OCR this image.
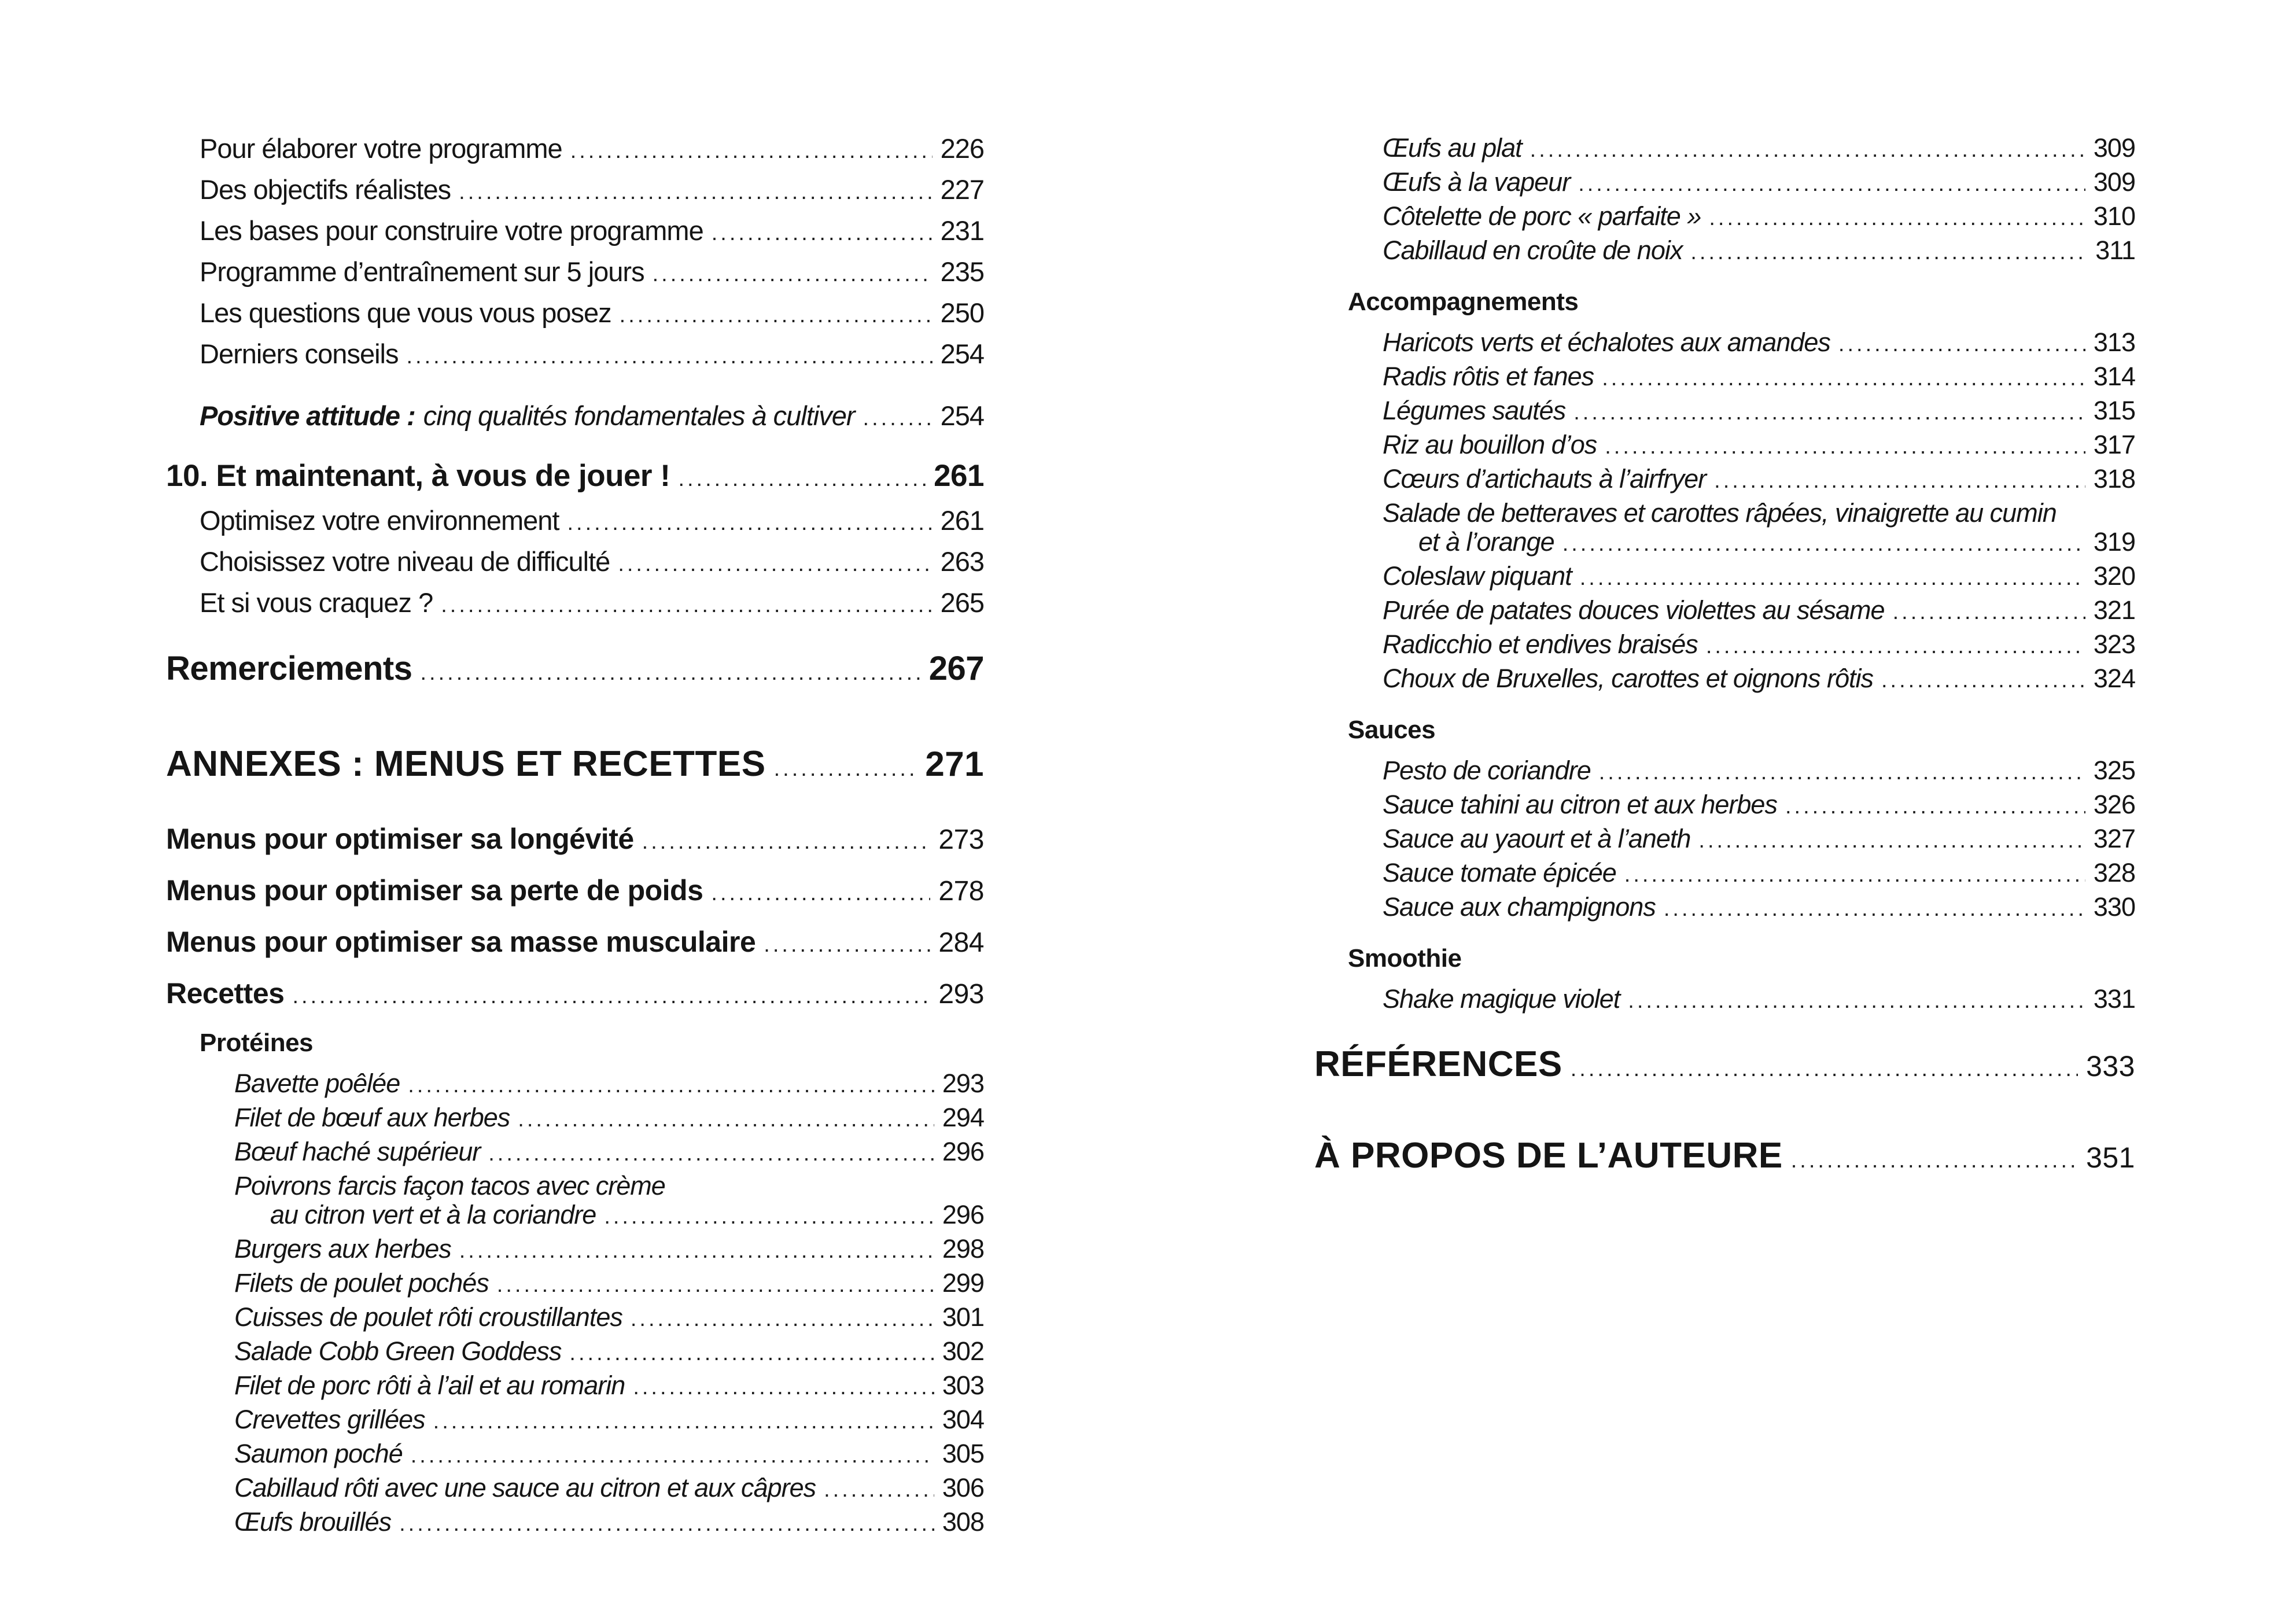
Pour élaborer votre programme .....	226
Des objectifs réalistes .....	227
Les bases pour construire votre programme .....	231
Programme d’entraînement sur 5 jours .....	235
Les questions que vous vous posez .....	250
Derniers conseils .....	254
Positive attitude : cinq qualités fondamentales à cultiver .....	254
10. Et maintenant, à vous de jouer ! .....	261
Optimisez votre environnement .....	261
Choisissez votre niveau de difficulté .....	263
Et si vous craquez ? .....	265
Remerciements .....	267
ANNEXES : MENUS ET RECETTES .....	271
Menus pour optimiser sa longévité .....	273
Menus pour optimiser sa perte de poids .....	278
Menus pour optimiser sa masse musculaire .....	284
Recettes .....	293
Protéines
Bavette poêlée .....	293
Filet de bœuf aux herbes .....	294
Bœuf haché supérieur .....	296
Poivrons farcis façon tacos avec crème
au citron vert et à la coriandre .....	296
Burgers aux herbes .....	298
Filets de poulet pochés .....	299
Cuisses de poulet rôti croustillantes .....	301
Salade Cobb Green Goddess .....	302
Filet de porc rôti à l’ail et au romarin .....	303
Crevettes grillées .....	304
Saumon poché .....	305
Cabillaud rôti avec une sauce au citron et aux câpres .....	306
Œufs brouillés .....	308
Œufs au plat .....	309
Œufs à la vapeur .....	309
Côtelette de porc « parfaite » .....	310
Cabillaud en croûte de noix .....	311
Accompagnements
Haricots verts et échalotes aux amandes .....	313
Radis rôtis et fanes .....	314
Légumes sautés .....	315
Riz au bouillon d’os .....	317
Cœurs d’artichauts à l’airfryer .....	318
Salade de betteraves et carottes râpées, vinaigrette au cumin
et à l’orange .....	319
Coleslaw piquant .....	320
Purée de patates douces violettes au sésame .....	321
Radicchio et endives braisés .....	323
Choux de Bruxelles, carottes et oignons rôtis .....	324
Sauces
Pesto de coriandre .....	325
Sauce tahini au citron et aux herbes .....	326
Sauce au yaourt et à l’aneth .....	327
Sauce tomate épicée .....	328
Sauce aux champignons .....	330
Smoothie
Shake magique violet .....	331
RÉFÉRENCES .....	333
À PROPOS DE L’AUTEURE .....	351
